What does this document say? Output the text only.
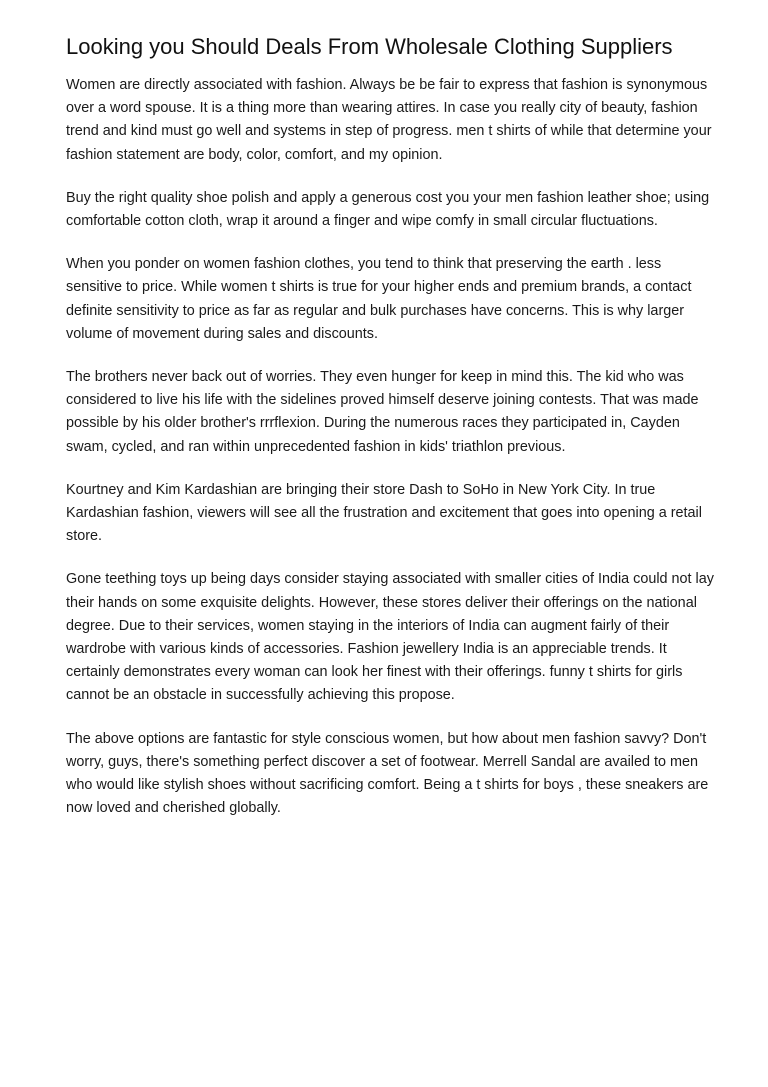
Looking you Should Deals From Wholesale Clothing Suppliers

Women are directly associated with fashion. Always be be fair to express that fashion is synonymous over a word spouse. It is a thing more than wearing attires. In case you really city of beauty, fashion trend and kind must go well and systems in step of progress. men t shirts of while that determine your fashion statement are body, color, comfort, and my opinion.

Buy the right quality shoe polish and apply a generous cost you your men fashion leather shoe; using comfortable cotton cloth, wrap it around a finger and wipe comfy in small circular fluctuations.

When you ponder on women fashion clothes, you tend to think that preserving the earth . less sensitive to price. While women t shirts is true for your higher ends and premium brands, a contact definite sensitivity to price as far as regular and bulk purchases have concerns. This is why larger volume of movement during sales and discounts.

The brothers never back out of worries. They even hunger for keep in mind this. The kid who was considered to live his life with the sidelines proved himself deserve joining contests. That was made possible by his older brother's rrrflexion. During the numerous races they participated in, Cayden swam, cycled, and ran within unprecedented fashion in kids' triathlon previous.

Kourtney and Kim Kardashian are bringing their store Dash to SoHo in New York City. In true Kardashian fashion, viewers will see all the frustration and excitement that goes into opening a retail store.

Gone teething toys up being days consider staying associated with smaller cities of India could not lay their hands on some exquisite delights. However, these stores deliver their offerings on the national degree. Due to their services, women staying in the interiors of India can augment fairly of their wardrobe with various kinds of accessories. Fashion jewellery India is an appreciable trends. It certainly demonstrates every woman can look her finest with their offerings. funny t shirts for girls cannot be an obstacle in successfully achieving this propose.

The above options are fantastic for style conscious women, but how about men fashion savvy? Don't worry, guys, there's something perfect discover a set of footwear. Merrell Sandal are availed to men who would like stylish shoes without sacrificing comfort. Being a t shirts for boys , these sneakers are now loved and cherished globally.
